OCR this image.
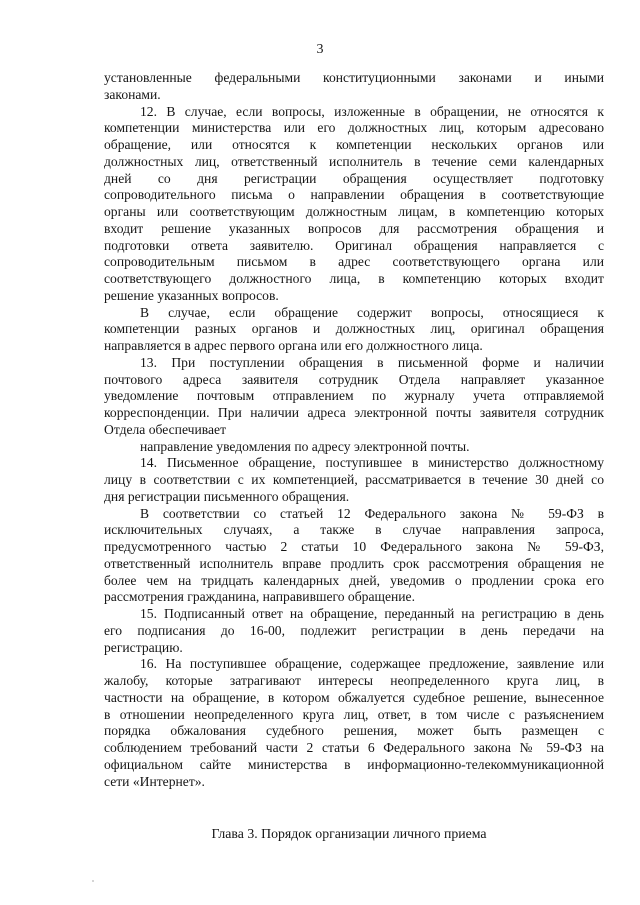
3
установленные федеральными конституционными законами и иными
законами.
12. В случае, если вопросы, изложенные в обращении, не относятся к
компетенции министерства или его должностных лиц, которым адресовано
обращение, или относятся к компетенции нескольких органов или
должностных лиц, ответственный исполнитель в течение семи календарных
дней со дня регистрации обращения осуществляет подготовку
сопроводительного письма о направлении обращения в соответствующие
органы или соответствующим должностным лицам, в компетенцию которых
входит решение указанных вопросов для рассмотрения обращения и
подготовки ответа заявителю. Оригинал обращения направляется с
сопроводительным письмом в адрес соответствующего органа или
соответствующего должностного лица, в компетенцию которых входит
решение указанных вопросов.
В случае, если обращение содержит вопросы, относящиеся к
компетенции разных органов и должностных лиц, оригинал обращения
направляется в адрес первого органа или его должностного лица.
13. При поступлении обращения в письменной форме и наличии
почтового адреса заявителя сотрудник Отдела направляет указанное
уведомление почтовым отправлением по журналу учета отправляемой
корреспонденции. При наличии адреса электронной почты заявителя сотрудник
Отдела обеспечивает
направление уведомления по адресу электронной почты.
14. Письменное обращение, поступившее в министерство должностному
лицу в соответствии с их компетенцией, рассматривается в течение 30 дней со
дня регистрации письменного обращения.
В соответствии со статьей 12 Федерального закона № 59-ФЗ в
исключительных случаях, а также в случае направления запроса,
предусмотренного частью 2 статьи 10 Федерального закона № 59-ФЗ,
ответственный исполнитель вправе продлить срок рассмотрения обращения не
более чем на тридцать календарных дней, уведомив о продлении срока его
рассмотрения гражданина, направившего обращение.
15. Подписанный ответ на обращение, переданный на регистрацию в день
его подписания до 16-00, подлежит регистрации в день передачи на
регистрацию.
16. На поступившее обращение, содержащее предложение, заявление или
жалобу, которые затрагивают интересы неопределенного круга лиц, в
частности на обращение, в котором обжалуется судебное решение, вынесенное
в отношении неопределенного круга лиц, ответ, в том числе с разъяснением
порядка обжалования судебного решения, может быть размещен с
соблюдением требований части 2 статьи 6 Федерального закона № 59-ФЗ на
официальном сайте министерства в информационно-телекоммуникационной
сети «Интернет».
Глава 3. Порядок организации личного приема
